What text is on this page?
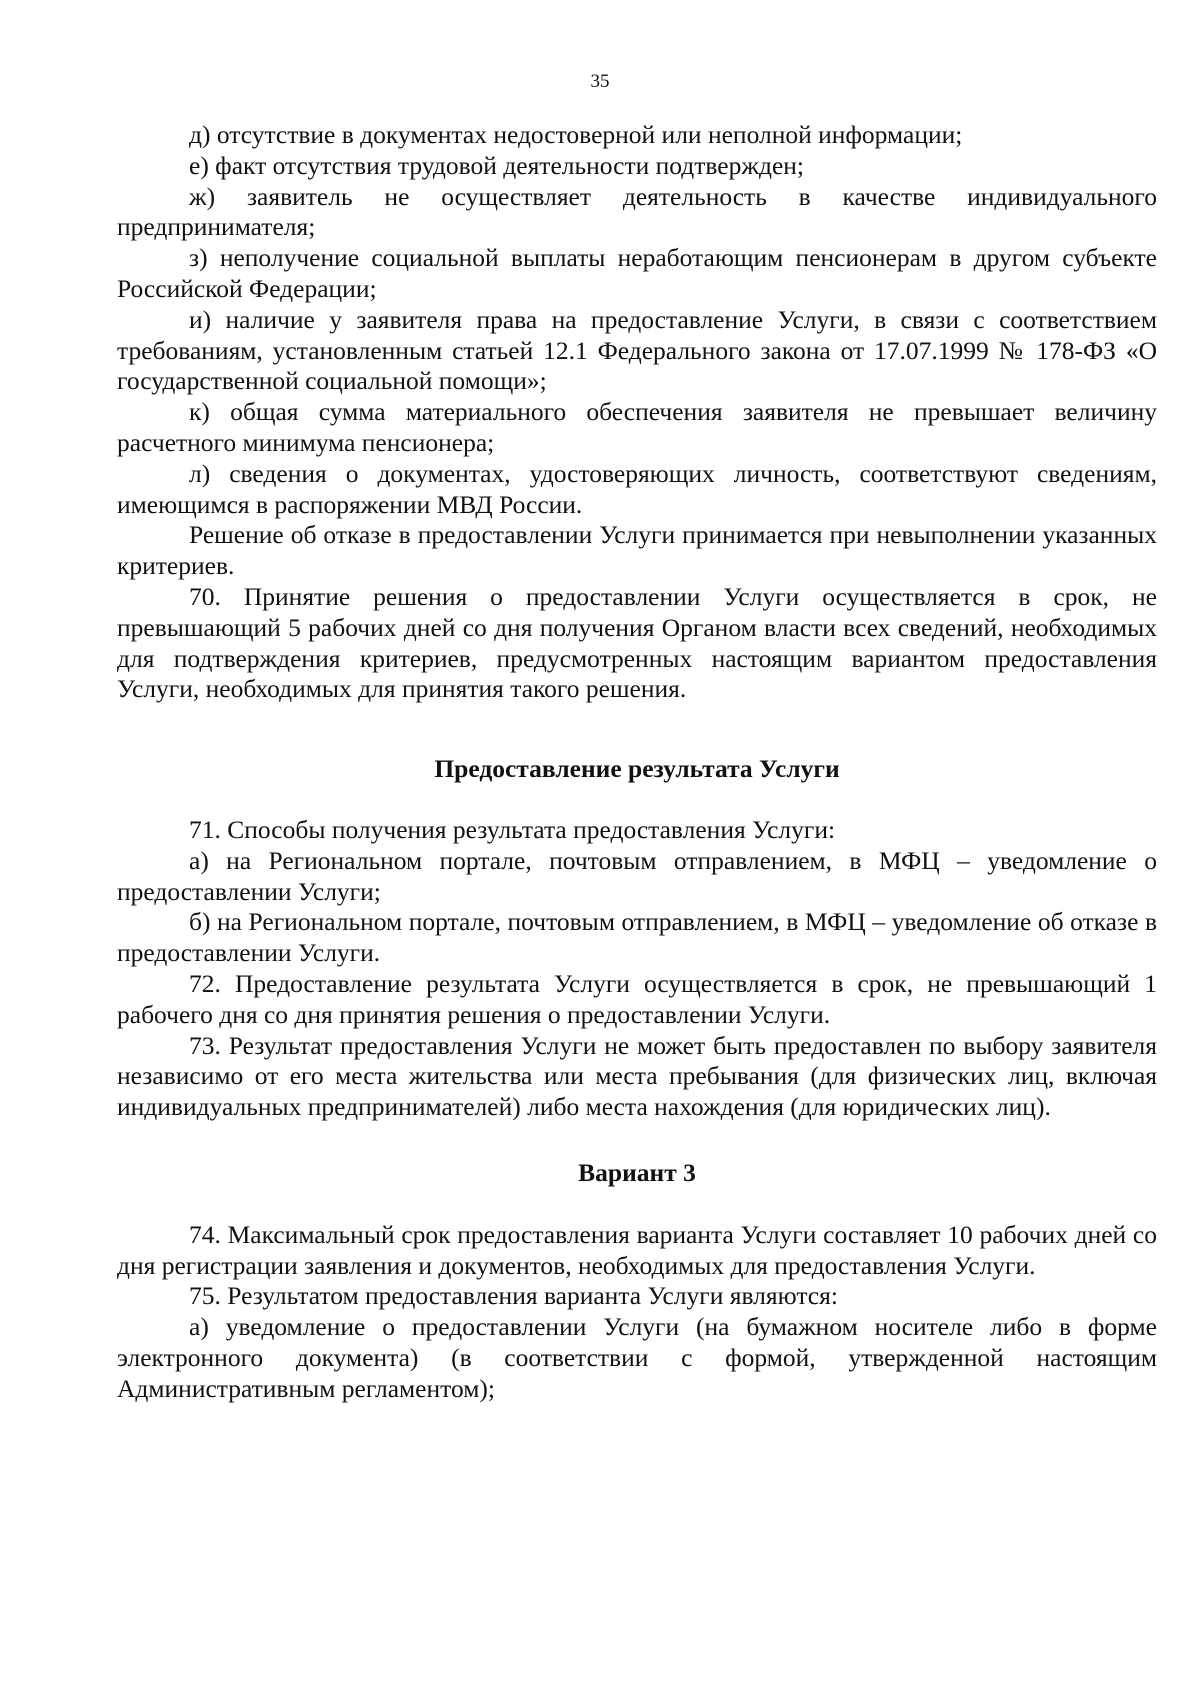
35

д) отсутствие в документах недостоверной или неполной информации;

е) факт отсутствия трудовой деятельности подтвержден;

ж) заявитель не осуществляет деятельность в качестве индивидуального предпринимателя;

з) неполучение социальной выплаты неработающим пенсионерам в другом субъекте Российской Федерации;

и) наличие у заявителя права на предоставление Услуги, в связи с соответствием требованиям, установленным статьей 12.1 Федерального закона от 17.07.1999 № 178-ФЗ «О государственной социальной помощи»;

к) общая сумма материального обеспечения заявителя не превышает величину расчетного минимума пенсионера;

л) сведения о документах, удостоверяющих личность, соответствуют сведениям, имеющимся в распоряжении МВД России.

Решение об отказе в предоставлении Услуги принимается при невыполнении указанных критериев.

70. Принятие решения о предоставлении Услуги осуществляется в срок, не превышающий 5 рабочих дней со дня получения Органом власти всех сведений, необходимых для подтверждения критериев, предусмотренных настоящим вариантом предоставления Услуги, необходимых для принятия такого решения.

Предоставление результата Услуги

71. Способы получения результата предоставления Услуги:

а) на Региональном портале, почтовым отправлением, в МФЦ – уведомление о предоставлении Услуги;

б) на Региональном портале, почтовым отправлением, в МФЦ – уведомление об отказе в предоставлении Услуги.

72. Предоставление результата Услуги осуществляется в срок, не превышающий 1 рабочего дня со дня принятия решения о предоставлении Услуги.

73. Результат предоставления Услуги не может быть предоставлен по выбору заявителя независимо от его места жительства или места пребывания (для физических лиц, включая индивидуальных предпринимателей) либо места нахождения (для юридических лиц).

Вариант 3

74. Максимальный срок предоставления варианта Услуги составляет 10 рабочих дней со дня регистрации заявления и документов, необходимых для предоставления Услуги.

75. Результатом предоставления варианта Услуги являются:

а) уведомление о предоставлении Услуги (на бумажном носителе либо в форме электронного документа) (в соответствии с формой, утвержденной настоящим Административным регламентом);
